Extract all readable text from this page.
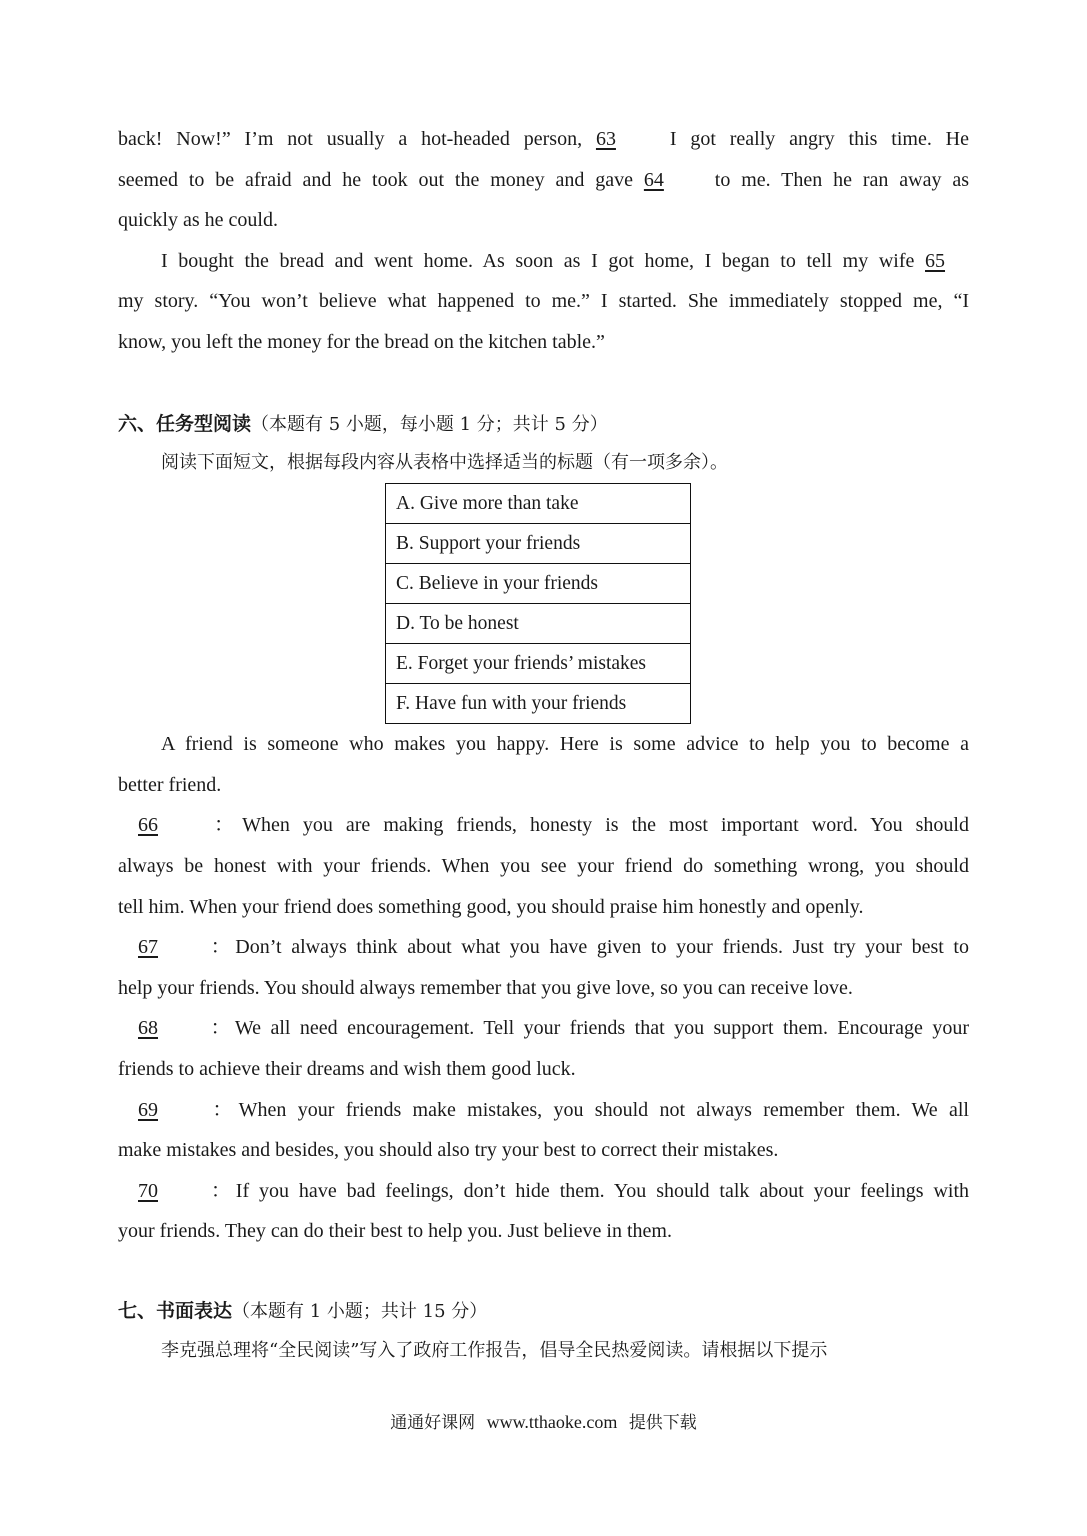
back! Now!” I’m not usually a hot-headed person, 63	I got really angry this time. He
seemed to be afraid and he took out the money and gave 64	to me. Then he ran away as
quickly as he could.
I bought the bread and went home. As soon as I got home, I began to tell my wife 65
my story. “You won’t believe what happened to me.” I started. She immediately stopped me, “I
know, you left the money for the bread on the kitchen table.”
六、任务型阅读（本题有 5 小题，每小题 1 分；共计 5 分）
阅读下面短文，根据每段内容从表格中选择适当的标题（有一项多余）。
A. Give more than take
B. Support your friends
C. Believe in your friends
D. To be honest
E. Forget your friends’ mistakes
F. Have fun with your friends
A friend is someone who makes you happy. Here is some advice to help you to become a
better friend.
66 ：When you are making friends, honesty is the most important word. You should
always be honest with your friends. When you see your friend do something wrong, you should
tell him. When your friend does something good, you should praise him honestly and openly.
67 ：Don’t always think about what you have given to your friends. Just try your best to
help your friends. You should always remember that you give love, so you can receive love.
68 ：We all need encouragement. Tell your friends that you support them. Encourage your
friends to achieve their dreams and wish them good luck.
69 ：When your friends make mistakes, you should not always remember them. We all
make mistakes and besides, you should also try your best to correct their mistakes.
70 ：If you have bad feelings, don’t hide them. You should talk about your feelings with
your friends. They can do their best to help you. Just believe in them.
七、书面表达（本题有 1 小题；共计 15 分）
李克强总理将“全民阅读”写入了政府工作报告，倡导全民热爱阅读。请根据以下提示
通通好课网 www.tthaoke.com 提供下载
